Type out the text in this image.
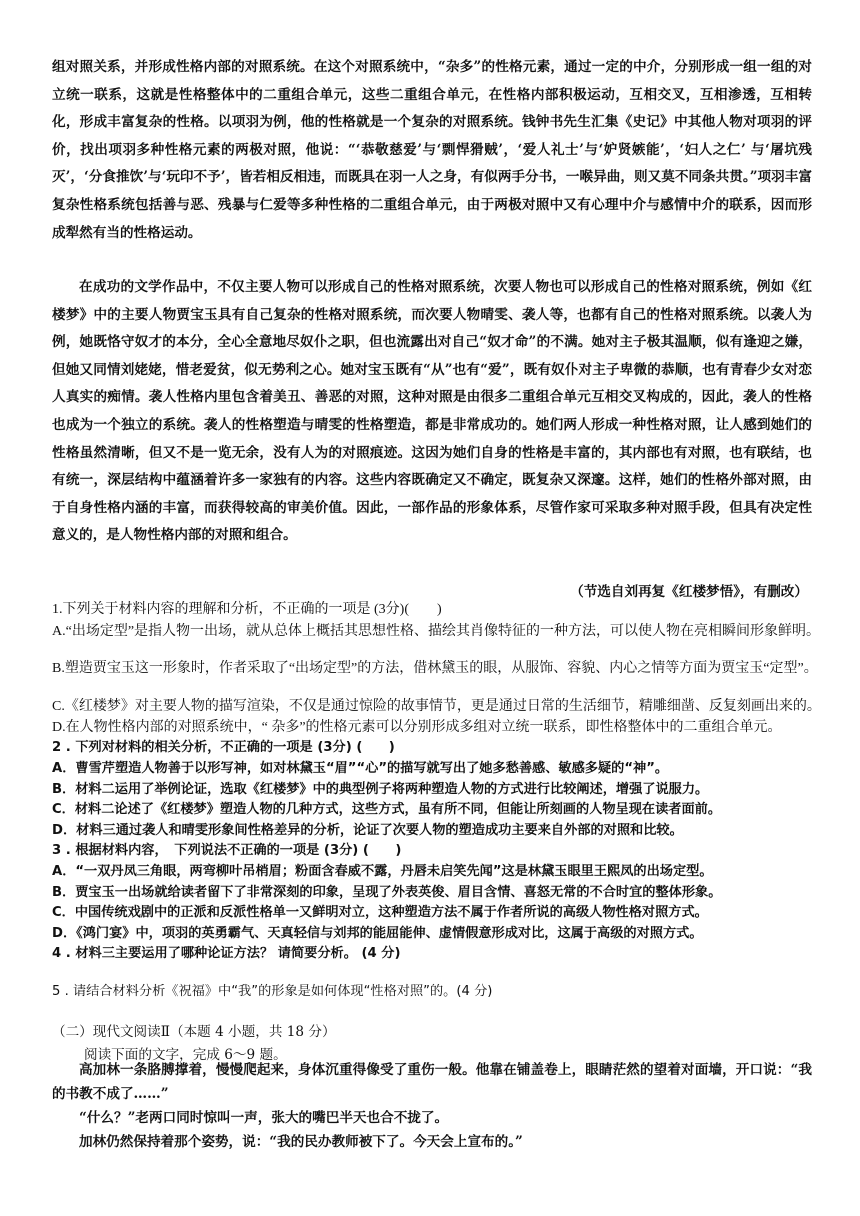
组对照关系，并形成性格内部的对照系统。在这个对照系统中，“杂多”的性格元素，通过一定的中介，分别形成一组一组的对立统一联系，这就是性格整体中的二重组合单元，这些二重组合单元，在性格内部积极运动，互相交叉，互相渗透，互相转化，形成丰富复杂的性格。以项羽为例，他的性格就是一个复杂的对照系统。钱钟书先生汇集《史记》中其他人物对项羽的评价，找出项羽多种性格元素的两极对照，他说：“‘恭敬慈爱’与‘剽悍猾贼’，‘爱人礼士’与‘妒贤嫉能’，‘妇人之仁’ 与‘屠坑残灭’，‘分食推饮’与‘玩印不予’，皆若相反相违，而既具在羽一人之身，有似两手分书，一喉异曲，则又莫不同条共贯。”项羽丰富复杂性格系统包括善与恶、残暴与仁爱等多种性格的二重组合单元，由于两极对照中又有心理中介与感情中介的联系，因而形成犁然有当的性格运动。

在成功的文学作品中，不仅主要人物可以形成自己的性格对照系统，次要人物也可以形成自己的性格对照系统，例如《红楼梦》中的主要人物贾宝玉具有自己复杂的性格对照系统，而次要人物晴雯、袭人等，也都有自己的性格对照系统。以袭人为例，她既恪守奴才的本分，全心全意地尽奴仆之职，但也流露出对自己“奴才命”的不满。她对主子极其温顺，似有逢迎之嫌，但她又同情刘姥姥，惜老爱贫，似无势利之心。她对宝玉既有“从”也有“爱”，既有奴仆对主子卑微的恭顺，也有青春少女对恋人真实的痴情。袭人性格内里包含着美丑、善恶的对照，这种对照是由很多二重组合单元互相交叉构成的，因此，袭人的性格也成为一个独立的系统。袭人的性格塑造与晴雯的性格塑造，都是非常成功的。她们两人形成一种性格对照，让人感到她们的性格虽然清晰，但又不是一览无余，没有人为的对照痕迹。这因为她们自身的性格是丰富的，其内部也有对照，也有联结，也有统一，深层结构中蕴涵着许多一家独有的内容。这些内容既确定又不确定，既复杂又深邃。这样，她们的性格外部对照，由于自身性格内涵的丰富，而获得较高的审美价值。因此，一部作品的形象体系，尽管作家可采取多种对照手段，但具有决定性意义的，是人物性格内部的对照和组合。

（节选自刘再复《红楼梦悟》，有删改）

1.下列关于材料内容的理解和分析，不正确的一项是 (3分)(　　)

A.“出场定型”是指人物一出场，就从总体上概括其思想性格、描绘其肖像特征的一种方法，可以使人物在亮相瞬间形象鲜明。

B.塑造贾宝玉这一形象时，作者采取了“出场定型”的方法，借林黛玉的眼，从服饰、容貌、内心之情等方面为贾宝玉“定型”。

C.《红楼梦》对主要人物的描写渲染，不仅是通过惊险的故事情节，更是通过日常的生活细节，精雕细凿、反复刻画出来的。

D.在人物性格内部的对照系统中，“ 杂多”的性格元素可以分别形成多组对立统一联系，即性格整体中的二重组合单元。

2 . 下列对材料的相关分析，不正确的一项是 (3分) (　　)

A．曹雪芹塑造人物善于以形写神，如对林黛玉“眉”“心”的描写就写出了她多愁善感、敏感多疑的“神”。

B．材料二运用了举例论证，选取《红楼梦》中的典型例子将两种塑造人物的方式进行比较阐述，增强了说服力。

C．材料二论述了《红楼梦》塑造人物的几种方式，这些方式，虽有所不同，但能让所刻画的人物呈现在读者面前。

D．材料三通过袭人和晴雯形象间性格差异的分析，论证了次要人物的塑造成功主要来自外部的对照和比较。

3 . 根据材料内容，　下列说法不正确的一项是 (3分) (　　)

A．“一双丹凤三角眼，两弯柳叶吊梢眉；粉面含春威不露，丹唇未启笑先闻”这是林黛玉眼里王熙凤的出场定型。

B．贾宝玉一出场就给读者留下了非常深刻的印象，呈现了外表英俊、眉目含情、喜怒无常的不合时宜的整体形象。

C．中国传统戏剧中的正派和反派性格单一又鲜明对立，这种塑造方法不属于作者所说的高级人物性格对照方式。

D．《鸿门宴》中，项羽的英勇霸气、天真轻信与刘邦的能屈能伸、虚情假意形成对比，这属于高级的对照方式。

4 . 材料三主要运用了哪种论证方法？ 请简要分析。 (4 分)

5 . 请结合材料分析《祝福》中“我”的形象是如何体现“性格对照”的。(4 分)

（二）现代文阅读Ⅱ（本题 4 小题，共 18 分）
阅读下面的文字，完成 6～9 题。

高加林一条胳膊撑着，慢慢爬起来，身体沉重得像受了重伤一般。他靠在铺盖卷上，眼睛茫然的望着对面墙，开口说：“我的书教不成了……”

“什么？”老两口同时惊叫一声，张大的嘴巴半天也合不拢了。

加林仍然保持着那个姿势，说：“我的民办教师被下了。今天会上宣布的。”
